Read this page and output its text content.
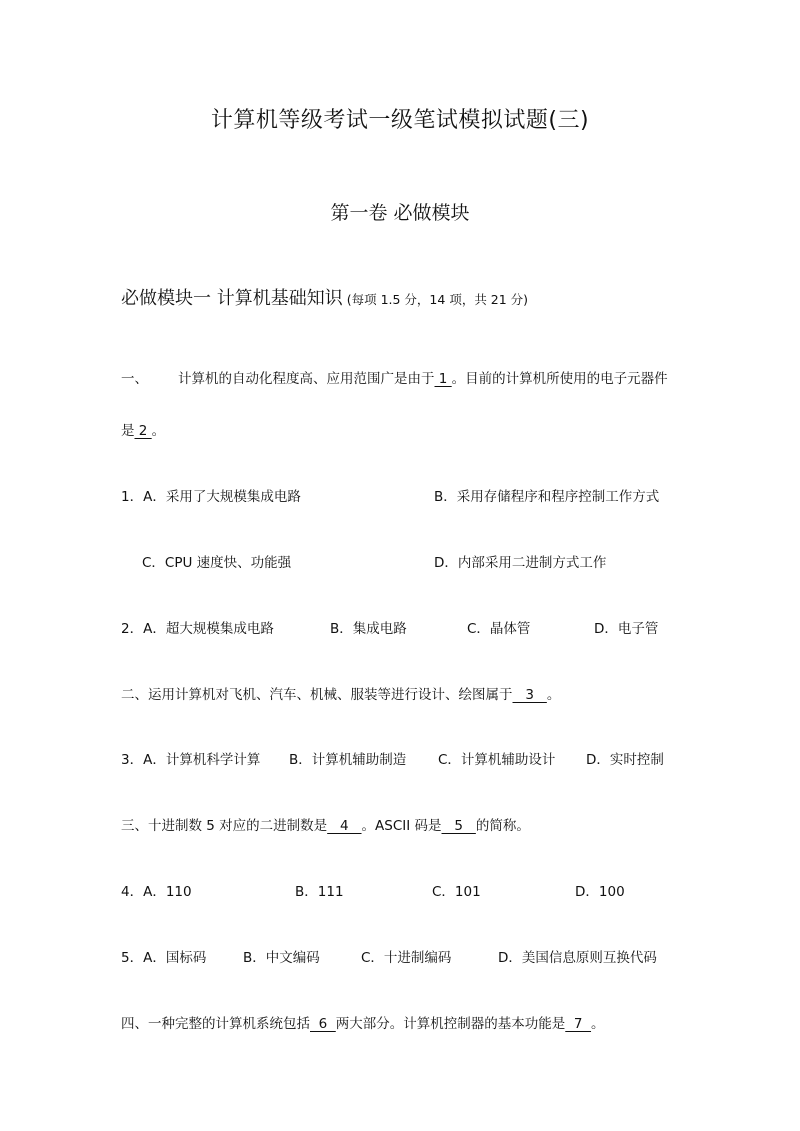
计算机等级考试一级笔试模拟试题(三)
第一卷 必做模块
必做模块一 计算机基础知识 (每项 1.5 分，14 项，共 21 分)
一、 计算机的自动化程度高、应用范围广是由于 1 。目前的计算机所使用的电子元器件
是 2 。
1．A．采用了大规模集成电路	B．采用存储程序和程序控制工作方式
C．CPU 速度快、功能强	D．内部采用二进制方式工作
2．A．超大规模集成电路	B．集成电路	C．晶体管	D．电子管
二、运用计算机对飞机、汽车、机械、服装等进行设计、绘图属于   3   。
3．A．计算机科学计算 B．计算机辅助制造 C．计算机辅助设计 D．实时控制
三、十进制数 5 对应的二进制数是   4   。ASCII 码是   5   的简称。
4．A．110	B．111	C．101	D．100
5．A．国标码	B．中文编码	C．十进制编码	D．美国信息原则互换代码
四、一种完整的计算机系统包括  6  两大部分。计算机控制器的基本功能是  7  。
